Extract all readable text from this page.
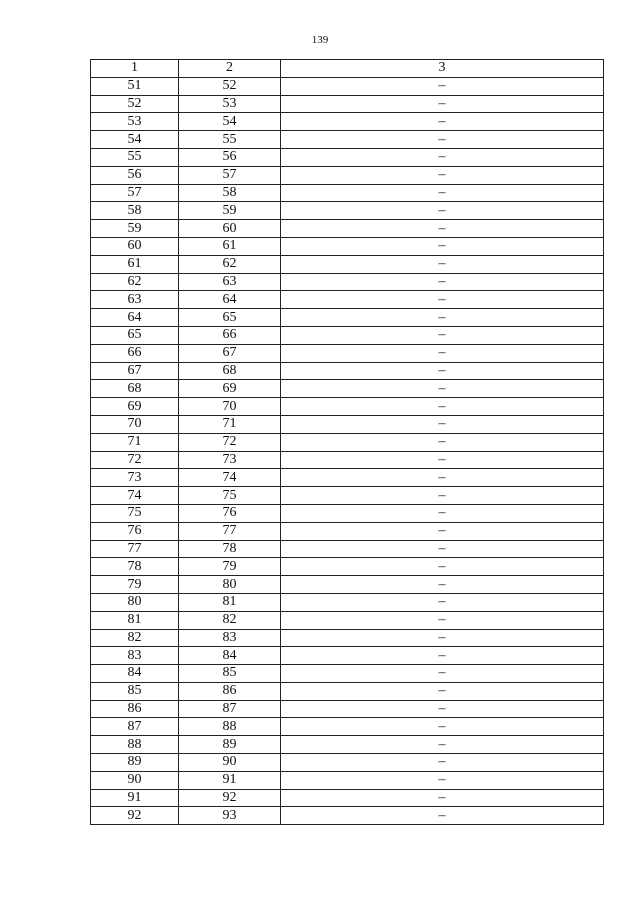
139
1	2	3
51	52	–
52	53	–
53	54	–
54	55	–
55	56	–
56	57	–
57	58	–
58	59	–
59	60	–
60	61	–
61	62	–
62	63	–
63	64	–
64	65	–
65	66	–
66	67	–
67	68	–
68	69	–
69	70	–
70	71	–
71	72	–
72	73	–
73	74	–
74	75	–
75	76	–
76	77	–
77	78	–
78	79	–
79	80	–
80	81	–
81	82	–
82	83	–
83	84	–
84	85	–
85	86	–
86	87	–
87	88	–
88	89	–
89	90	–
90	91	–
91	92	–
92	93	–
